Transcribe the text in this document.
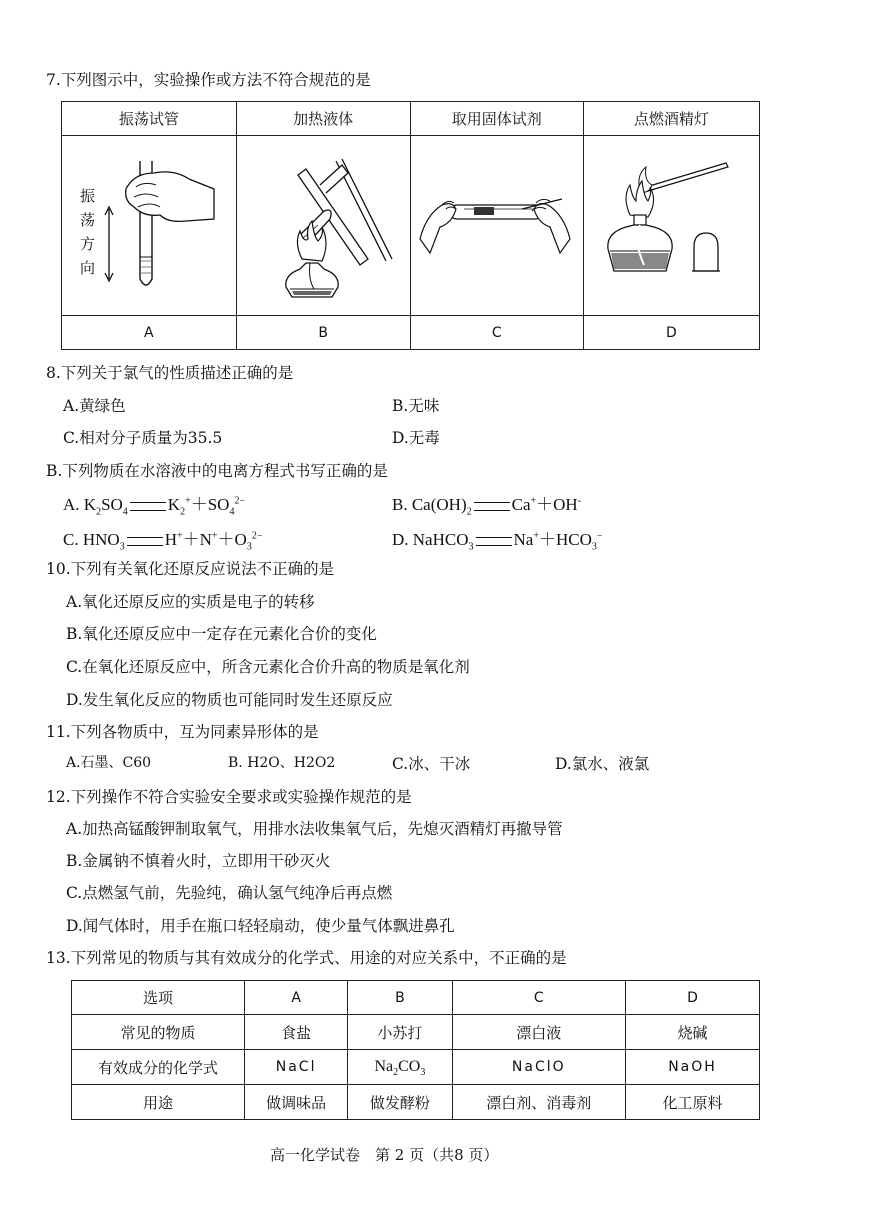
7.下列图示中，实验操作或方法不符合规范的是
振荡试管	加热液体	取用固体试剂	点燃酒精灯

振
荡
方
向

A	B	C	D
8.下列关于氯气的性质描述正确的是
A.黄绿色	B.无味
C.相对分子质量为35.5	D.无毒
B.下列物质在水溶液中的电离方程式书写正确的是
A. $K_2SO_4$ $K_2^++SO_4^{2-}$	B. $Ca(OH)_2$ Ca+＋OH-
C. $HNO_3$ $H^++N^++O_3^{2-}$	D. NaHCO$_3$ $Na^++HCO_3^-$
10.下列有关氧化还原反应说法不正确的是
A.氧化还原反应的实质是电子的转移
B.氧化还原反应中一定存在元素化合价的变化
C.在氧化还原反应中，所含元素化合价升高的物质是氧化剂
D.发生氧化反应的物质也可能同时发生还原反应
11.下列各物质中，互为同素异形体的是
A.石墨、C60	B. H2O、H2O2	C.冰、干冰	D.氯水、液氯
12.下列操作不符合实验安全要求或实验操作规范的是
A.加热高锰酸钾制取氧气，用排水法收集氧气后，先熄灭酒精灯再撤导管
B.金属钠不慎着火时，立即用干砂灭火
C.点燃氢气前，先验纯，确认氢气纯净后再点燃
D.闻气体时，用手在瓶口轻轻扇动，使少量气体飘进鼻孔
13.下列常见的物质与其有效成分的化学式、用途的对应关系中，不正确的是
选项	A	B	C	D
常见的物质	食盐	小苏打	漂白液	烧碱
有效成分的化学式	NaCl	$Na_2CO_3$	NaClO	NaOH
用途	做调味品	做发酵粉	漂白剂、消毒剂	化工原料
高一化学试卷　第 2 页（共8 页）
